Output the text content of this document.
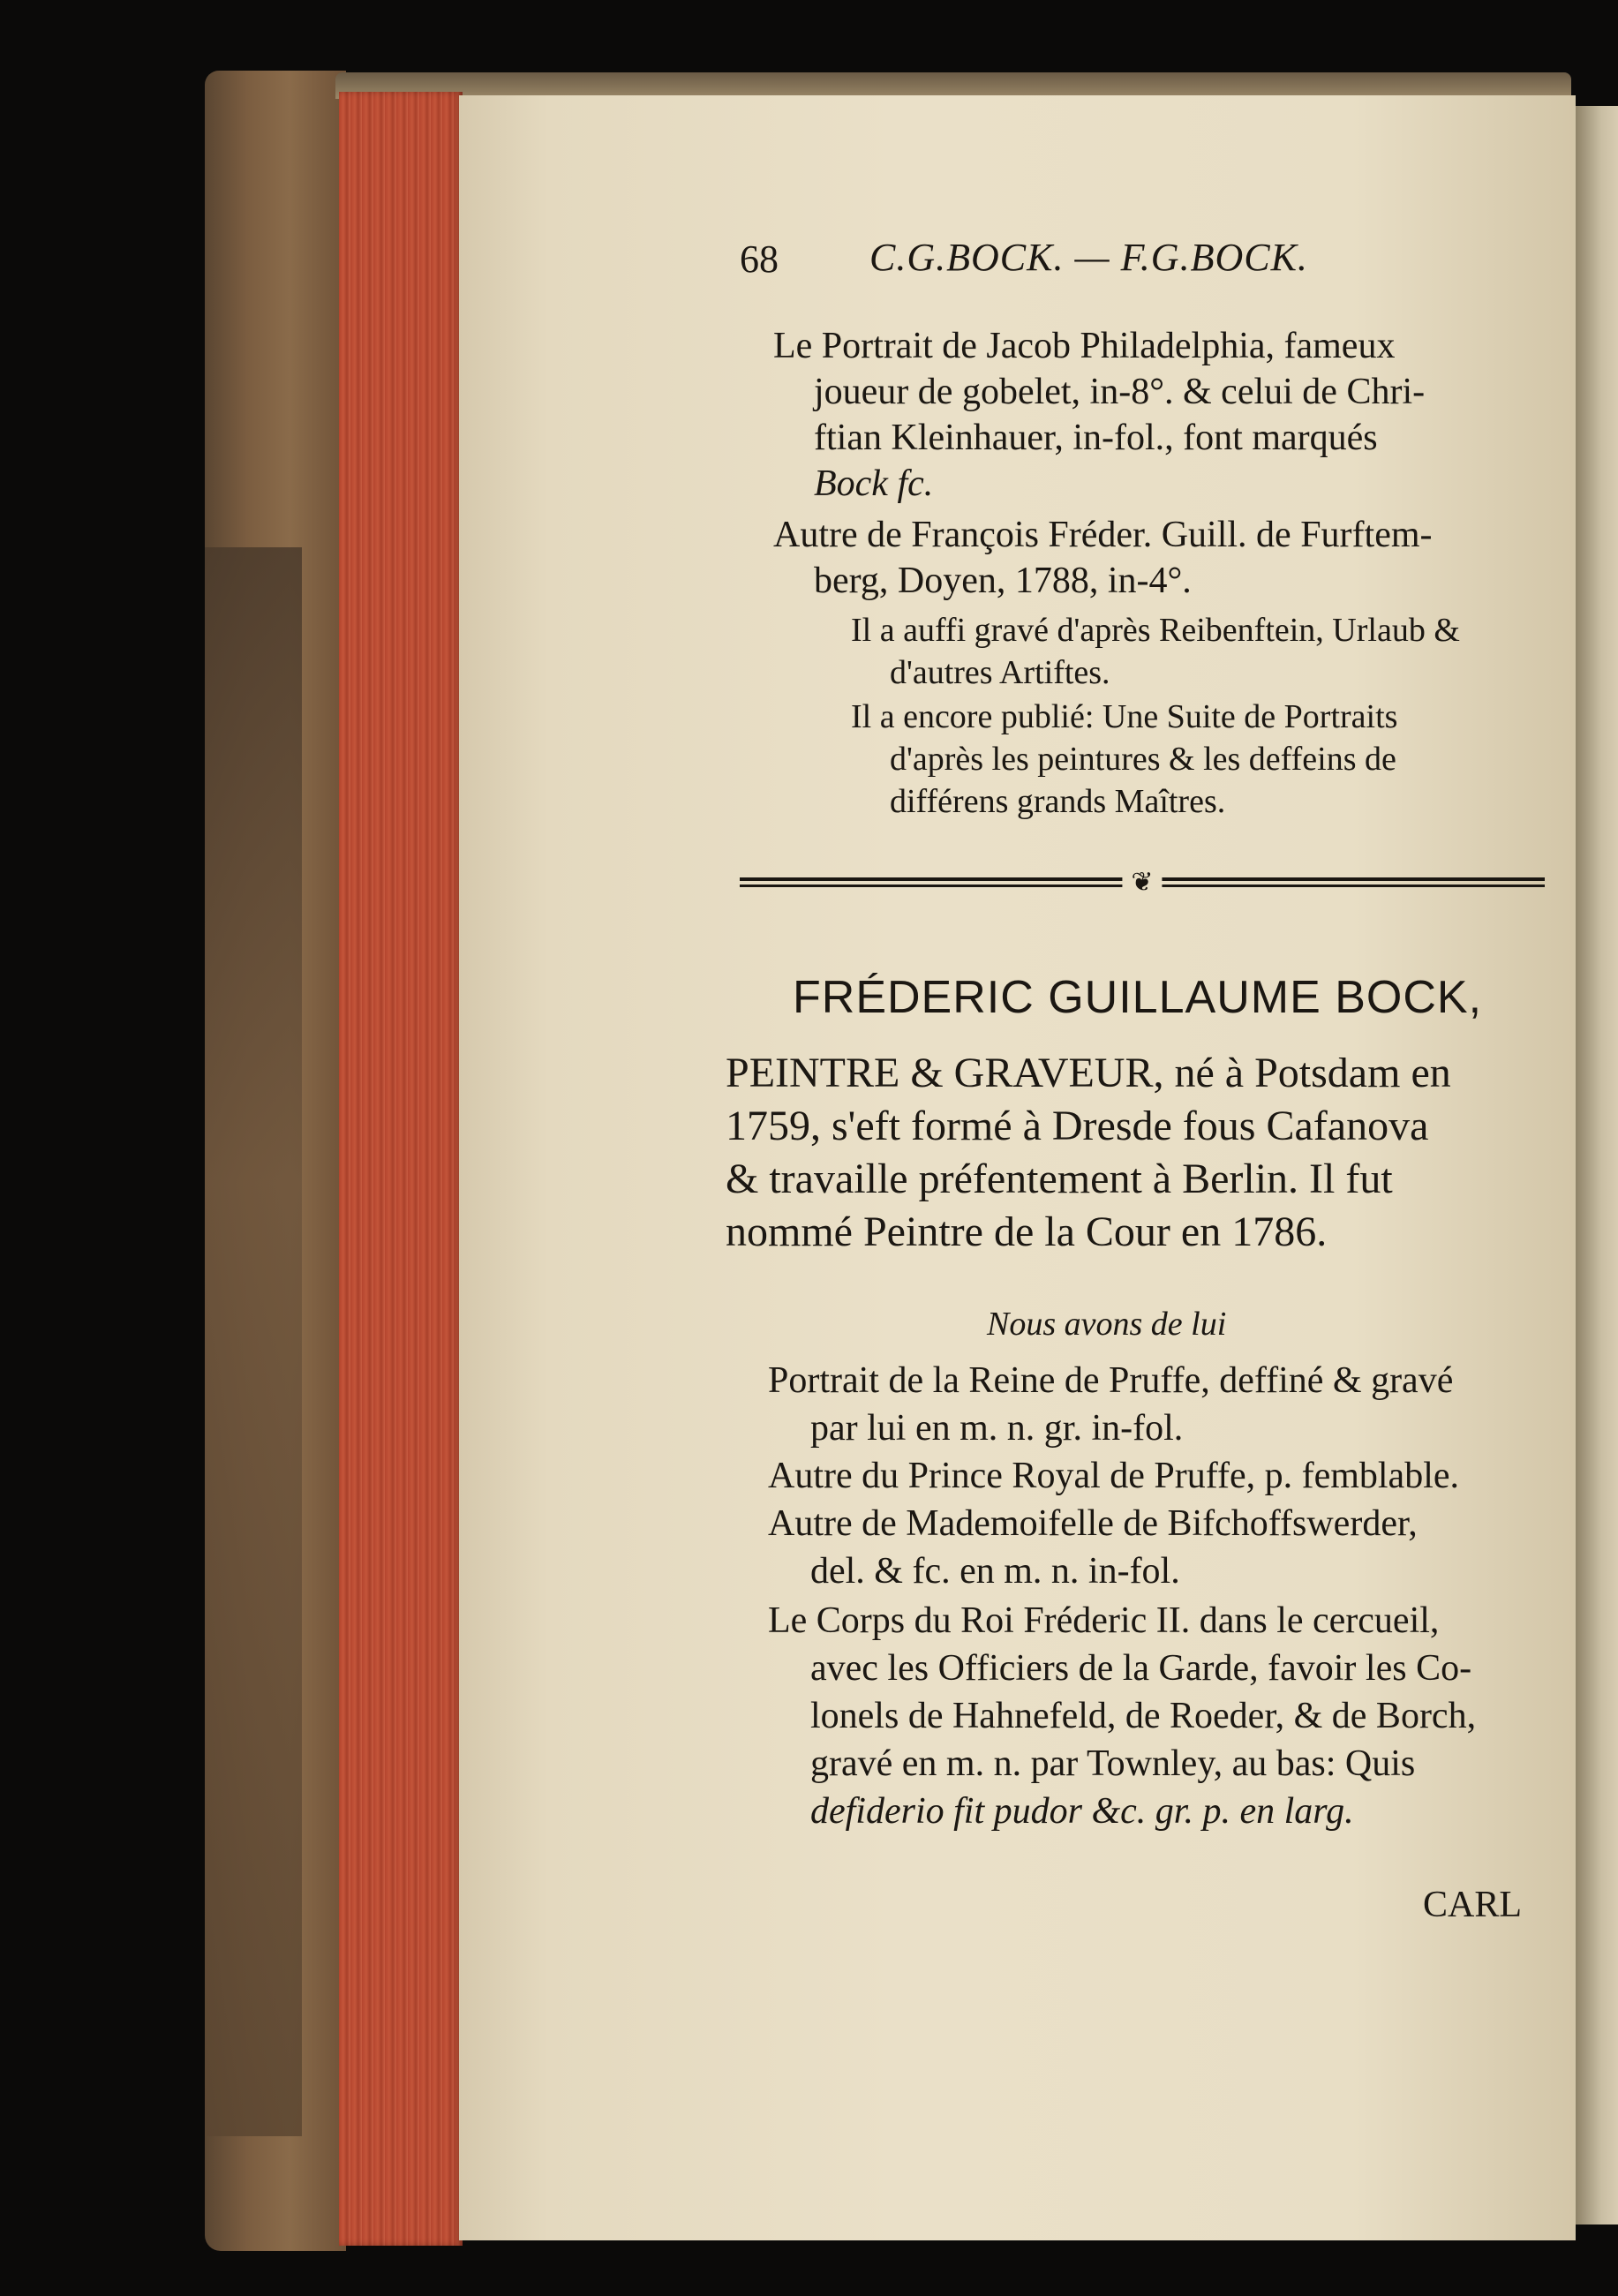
68 C.G.BOCK. — F.G.BOCK.
Le Portrait de Jacob Philadelphia, fameux
joueur de gobelet, in-8°. & celui de Chri-
ftian Kleinhauer, in-fol., font marqués
Bock fc.
Autre de François Fréder. Guill. de Furftem-
berg, Doyen, 1788, in-4°.
Il a auffi gravé d'après Reibenftein, Urlaub &
d'autres Artiftes.
Il a encore publié: Une Suite de Portraits
d'après les peintures & les deffeins de
différens grands Maîtres.
❦
FRÉDERIC GUILLAUME BOCK,
PEINTRE & GRAVEUR, né à Potsdam en
1759, s'eft formé à Dresde fous Cafanova
& travaille préfentement à Berlin. Il fut
nommé Peintre de la Cour en 1786.
Nous avons de lui
Portrait de la Reine de Pruffe, deffiné & gravé
par lui en m. n. gr. in-fol.
Autre du Prince Royal de Pruffe, p. femblable.
Autre de Mademoifelle de Bifchoffswerder,
del. & fc. en m. n. in-fol.
Le Corps du Roi Fréderic II. dans le cercueil,
avec les Officiers de la Garde, favoir les Co-
lonels de Hahnefeld, de Roeder, & de Borch,
gravé en m. n. par Townley, au bas: Quis
defiderio fit pudor &c. gr. p. en larg.
CARL
